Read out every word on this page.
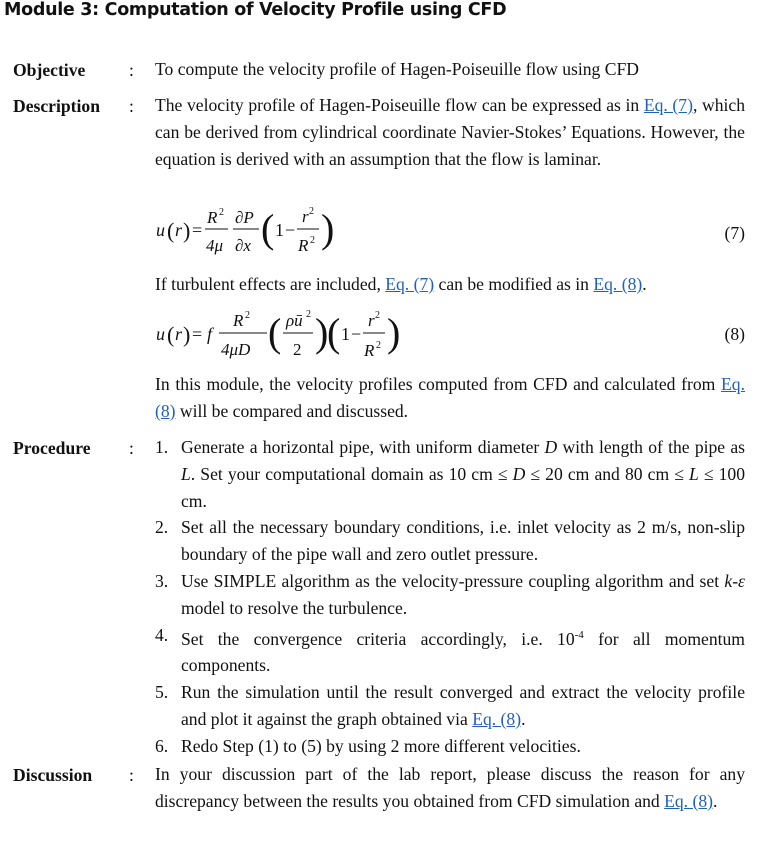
Module 3: Computation of Velocity Profile using CFD
Objective : To compute the velocity profile of Hagen-Poiseuille flow using CFD
Description : The velocity profile of Hagen-Poiseuille flow can be expressed as in Eq. (7), which can be derived from cylindrical coordinate Navier-Stokes’ Equations. However, the equation is derived with an assumption that the flow is laminar.
u ( r ) =
R 2
4μ
∂P
∂x ( 1 −
r 2
R 2 )	(7)
If turbulent effects are included, Eq. (7) can be modified as in Eq. (8).
u ( r ) = f
R 2
4μD ( ρū 2
2 )
( 1 −
r 2
R 2 )	(8)
In this module, the velocity profiles computed from CFD and calculated from Eq. (8) will be compared and discussed.
Procedure : 1. Generate a horizontal pipe, with uniform diameter D with length of the pipe as L. Set your computational domain as 10 cm ≤ D ≤ 20 cm and 80 cm ≤ L ≤ 100 cm.
2. Set all the necessary boundary conditions, i.e. inlet velocity as 2 m/s, non-slip boundary of the pipe wall and zero outlet pressure.
3. Use SIMPLE algorithm as the velocity-pressure coupling algorithm and set k-ε model to resolve the turbulence.
4. Set the convergence criteria accordingly, i.e. $10^{-4}$ for all momentum components.
5. Run the simulation until the result converged and extract the velocity profile and plot it against the graph obtained via Eq. (8).
6. Redo Step (1) to (5) by using 2 more different velocities.
Discussion : In your discussion part of the lab report, please discuss the reason for any discrepancy between the results you obtained from CFD simulation and Eq. (8).
